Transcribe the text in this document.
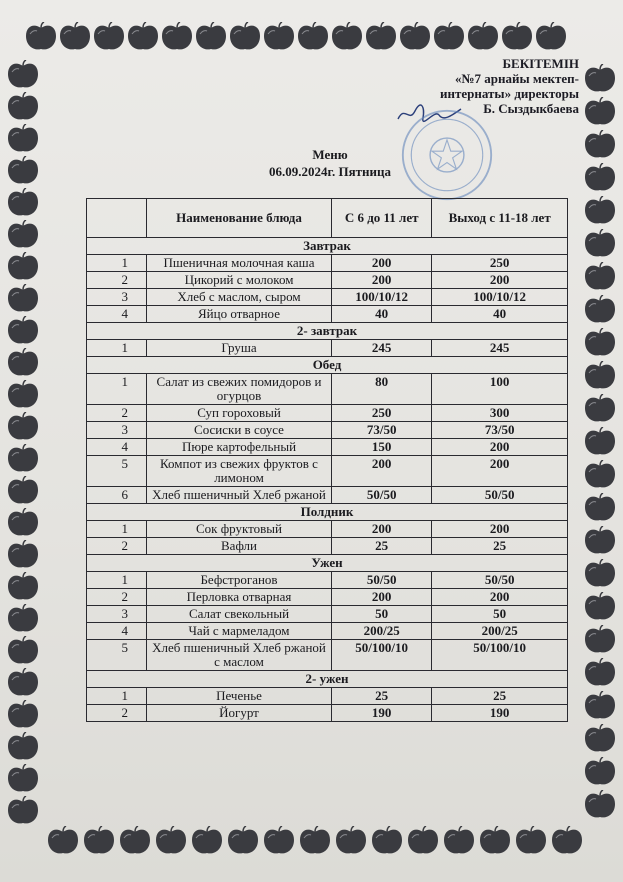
БЕКІТЕМІН
«№7 арнайы мектеп-
интернаты» директоры
Б. Сыздыкбаева
Меню
06.09.2024г. Пятница
	Наименование блюда	С 6 до 11 лет	Выход с 11-18 лет
Завтрак			
1	Пшеничная молочная каша	200	250
2	Цикорий с молоком	200	200
3	Хлеб с маслом, сыром	100/10/12	100/10/12
4	Яйцо отварное	40	40
2- завтрак			
1	Груша	245	245
Обед			
1	Салат из свежих помидоров и огурцов	80	100
2	Суп гороховый	250	300
3	Сосиски в соусе	73/50	73/50
4	Пюре картофельный	150	200
5	Компот из свежих фруктов с лимоном	200	200
6	Хлеб пшеничный Хлеб ржаной	50/50	50/50
Полдник			
1	Сок фруктовый	200	200
2	Вафли	25	25
Ужен			
1	Бефстроганов	50/50	50/50
2	Перловка отварная	200	200
3	Салат свекольный	50	50
4	Чай с мармеладом	200/25	200/25
5	Хлеб пшеничный Хлеб ржаной с маслом	50/100/10	50/100/10
2- ужен			
1	Печенье	25	25
2	Йогурт	190	190
